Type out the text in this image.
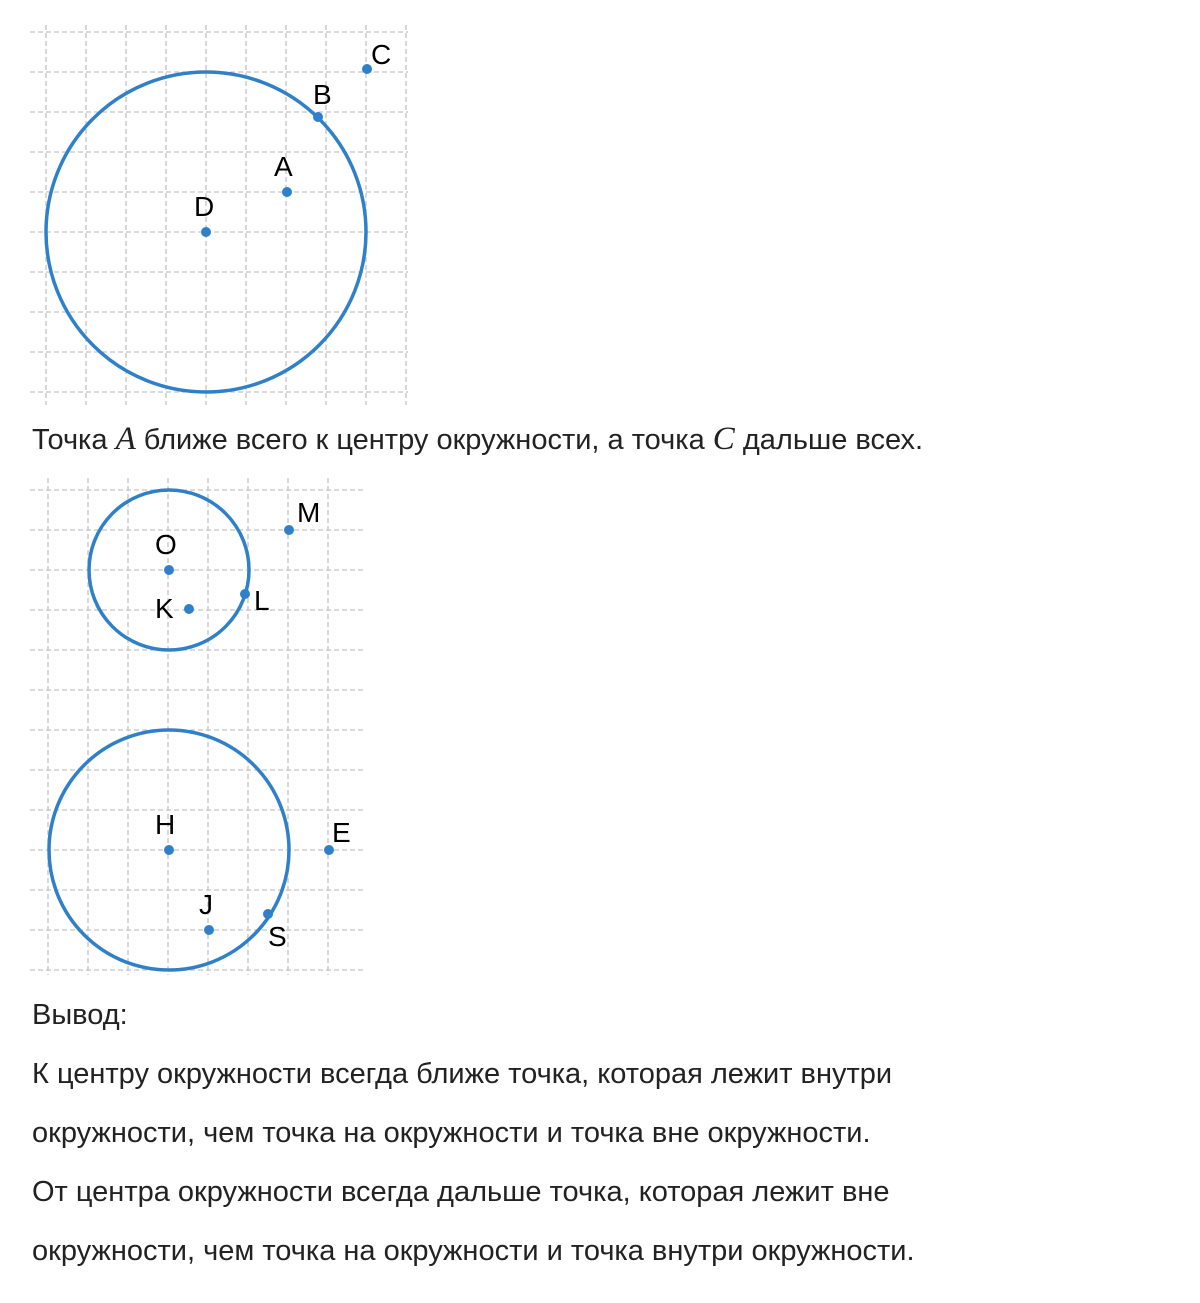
D
A
B
C
O
K	L
M
H
J
S
E
Точка A ближе всего к центру окружности, а точка C дальше всех.
Вывод:
К центру окружности всегда ближе точка, которая лежит внутри
окружности, чем точка на окружности и точка вне окружности.
От центра окружности всегда дальше точка, которая лежит вне
окружности, чем точка на окружности и точка внутри окружности.
